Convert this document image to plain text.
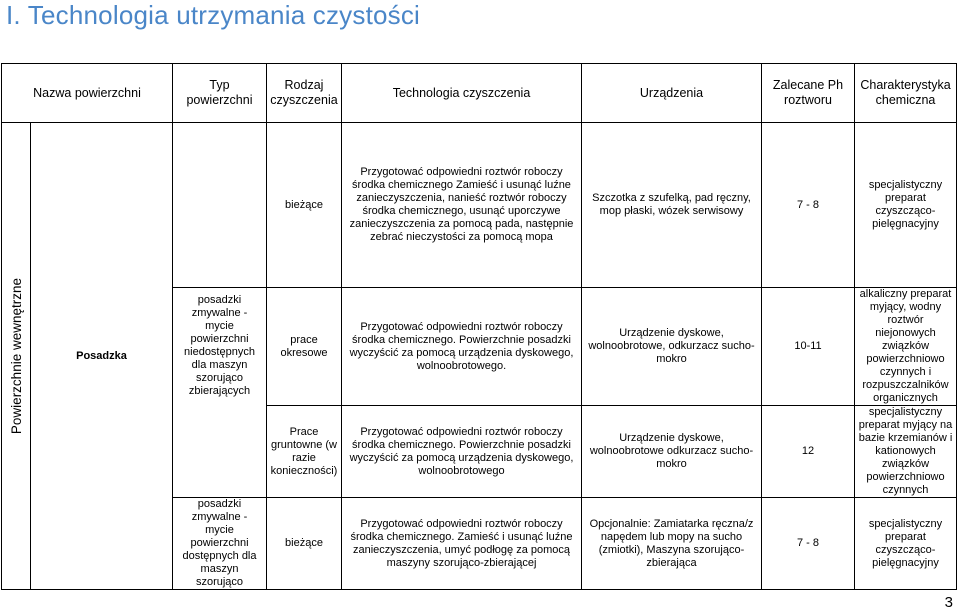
I. Technologia utrzymania czystości
Nazwa powierzchni		Typ powierzchni	Rodzaj czyszczenia	Technologia czyszczenia	Urządzenia	Zalecane Ph roztworu	Charakterystyka chemiczna

Powierzchnie wewnętrzne	Posadzka		bieżące	Przygotować odpowiedni roztwór roboczy środka chemicznego Zamieść i usunąć luźne zanieczyszczenia, nanieść roztwór roboczy środka chemicznego, usunąć uporczywe zanieczyszczenia za pomocą pada, następnie zebrać nieczystości za pomocą mopa	Szczotka z szufelką, pad ręczny, mop płaski, wózek serwisowy	7 - 8	specjalistyczny preparat czyszcząco-pielęgnacyjny
		posadzki zmywalne - mycie powierzchni niedostępnych dla maszyn szorująco zbierających	prace okresowe	Przygotować odpowiedni roztwór roboczy środka chemicznego. Powierzchnie posadzki wyczyścić za pomocą urządzenia dyskowego, wolnoobrotowego.	Urządzenie dyskowe, wolnoobrotowe, odkurzacz sucho-mokro	10-11	alkaliczny preparat myjący, wodny roztwór niejonowych związków powierzchniowo czynnych i rozpuszczalników organicznych
			Prace gruntowne (w razie konieczności)	Przygotować odpowiedni roztwór roboczy środka chemicznego. Powierzchnie posadzki wyczyścić za pomocą urządzenia dyskowego, wolnoobrotowego	Urządzenie dyskowe, wolnoobrotowe odkurzacz sucho-mokro	12	specjalistyczny preparat myjący na bazie krzemianów i kationowych związków powierzchniowo czynnych
		posadzki zmywalne - mycie powierzchni dostępnych dla maszyn szorująco	bieżące	Przygotować odpowiedni roztwór roboczy środka chemicznego. Zamieść i usunąć luźne zanieczyszczenia, umyć podłogę za pomocą maszyny szorująco-zbierającej	Opcjonalnie: Zamiatarka ręczna/z napędem lub mopy na sucho (zmiotki), Maszyna szorująco- zbierająca	7 - 8	specjalistyczny preparat czyszcząco-pielęgnacyjny
3
